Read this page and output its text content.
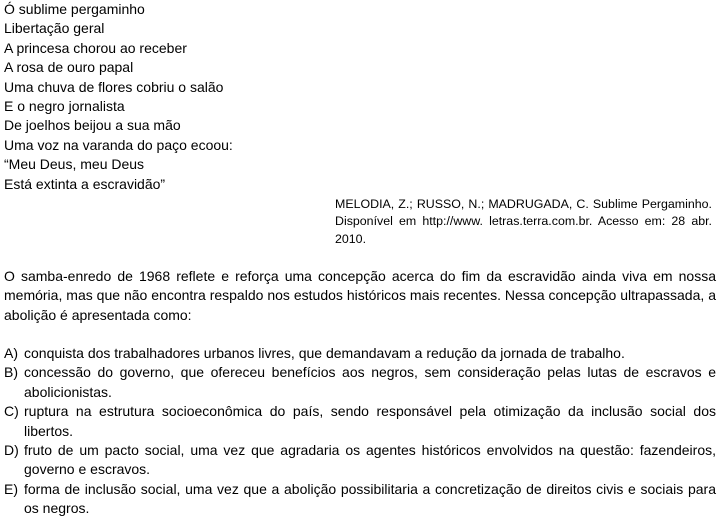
Ó sublime pergaminho
Libertação geral
A princesa chorou ao receber
A rosa de ouro papal
Uma chuva de flores cobriu o salão
E o negro jornalista
De joelhos beijou a sua mão
Uma voz na varanda do paço ecoou:
“Meu Deus, meu Deus
Está extinta a escravidão”
MELODIA, Z.; RUSSO, N.; MADRUGADA, C. Sublime Pergaminho. Disponível em http://www. letras.terra.com.br. Acesso em: 28 abr. 2010.

O samba-enredo de 1968 reflete e reforça uma concepção acerca do fim da escravidão ainda viva em nossa memória, mas que não encontra respaldo nos estudos históricos mais recentes. Nessa concepção ultrapassada, a abolição é apresentada como:

A) conquista dos trabalhadores urbanos livres, que demandavam a redução da jornada de trabalho.
B) concessão do governo, que ofereceu benefícios aos negros, sem consideração pelas lutas de escravos e abolicionistas.
C) ruptura na estrutura socioeconômica do país, sendo responsável pela otimização da inclusão social dos libertos.
D) fruto de um pacto social, uma vez que agradaria os agentes históricos envolvidos na questão: fazendeiros, governo e escravos.
E) forma de inclusão social, uma vez que a abolição possibilitaria a concretização de direitos civis e sociais para os negros.
